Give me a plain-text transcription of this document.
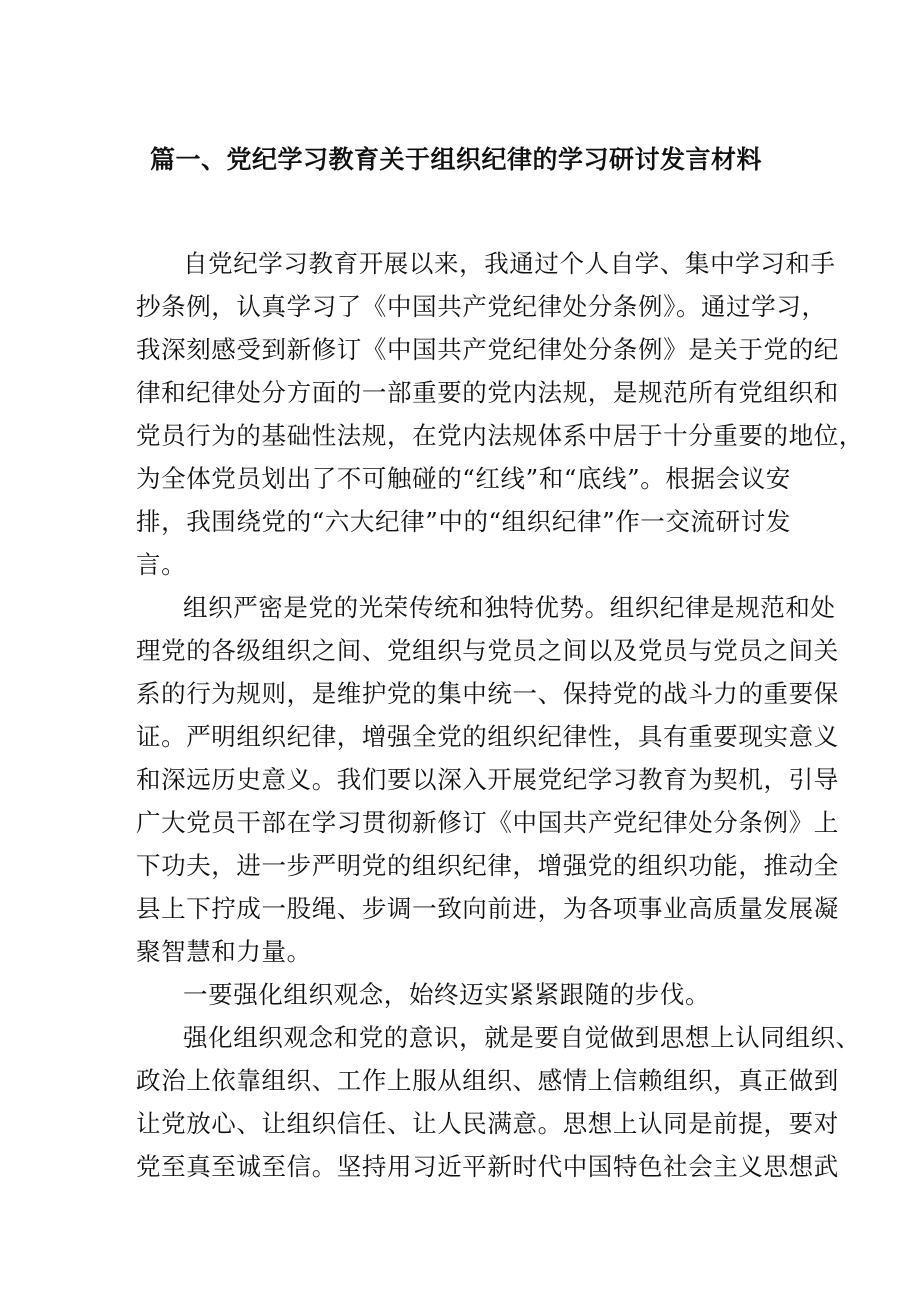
篇一、党纪学习教育关于组织纪律的学习研讨发言材料
自党纪学习教育开展以来，我通过个人自学、集中学习和手
抄条例，认真学习了《中国共产党纪律处分条例》。通过学习，
我深刻感受到新修订《中国共产党纪律处分条例》是关于党的纪
律和纪律处分方面的一部重要的党内法规，是规范所有党组织和
党员行为的基础性法规，在党内法规体系中居于十分重要的地位，
为全体党员划出了不可触碰的“红线”和“底线”。根据会议安
排，我围绕党的“六大纪律”中的“组织纪律”作一交流研讨发
言。
组织严密是党的光荣传统和独特优势。组织纪律是规范和处
理党的各级组织之间、党组织与党员之间以及党员与党员之间关
系的行为规则，是维护党的集中统一、保持党的战斗力的重要保
证。严明组织纪律，增强全党的组织纪律性，具有重要现实意义
和深远历史意义。我们要以深入开展党纪学习教育为契机，引导
广大党员干部在学习贯彻新修订《中国共产党纪律处分条例》上
下功夫，进一步严明党的组织纪律，增强党的组织功能，推动全
县上下拧成一股绳、步调一致向前进，为各项事业高质量发展凝
聚智慧和力量。
一要强化组织观念，始终迈实紧紧跟随的步伐。
强化组织观念和党的意识，就是要自觉做到思想上认同组织、
政治上依靠组织、工作上服从组织、感情上信赖组织，真正做到
让党放心、让组织信任、让人民满意。思想上认同是前提，要对
党至真至诚至信。坚持用习近平新时代中国特色社会主义思想武
